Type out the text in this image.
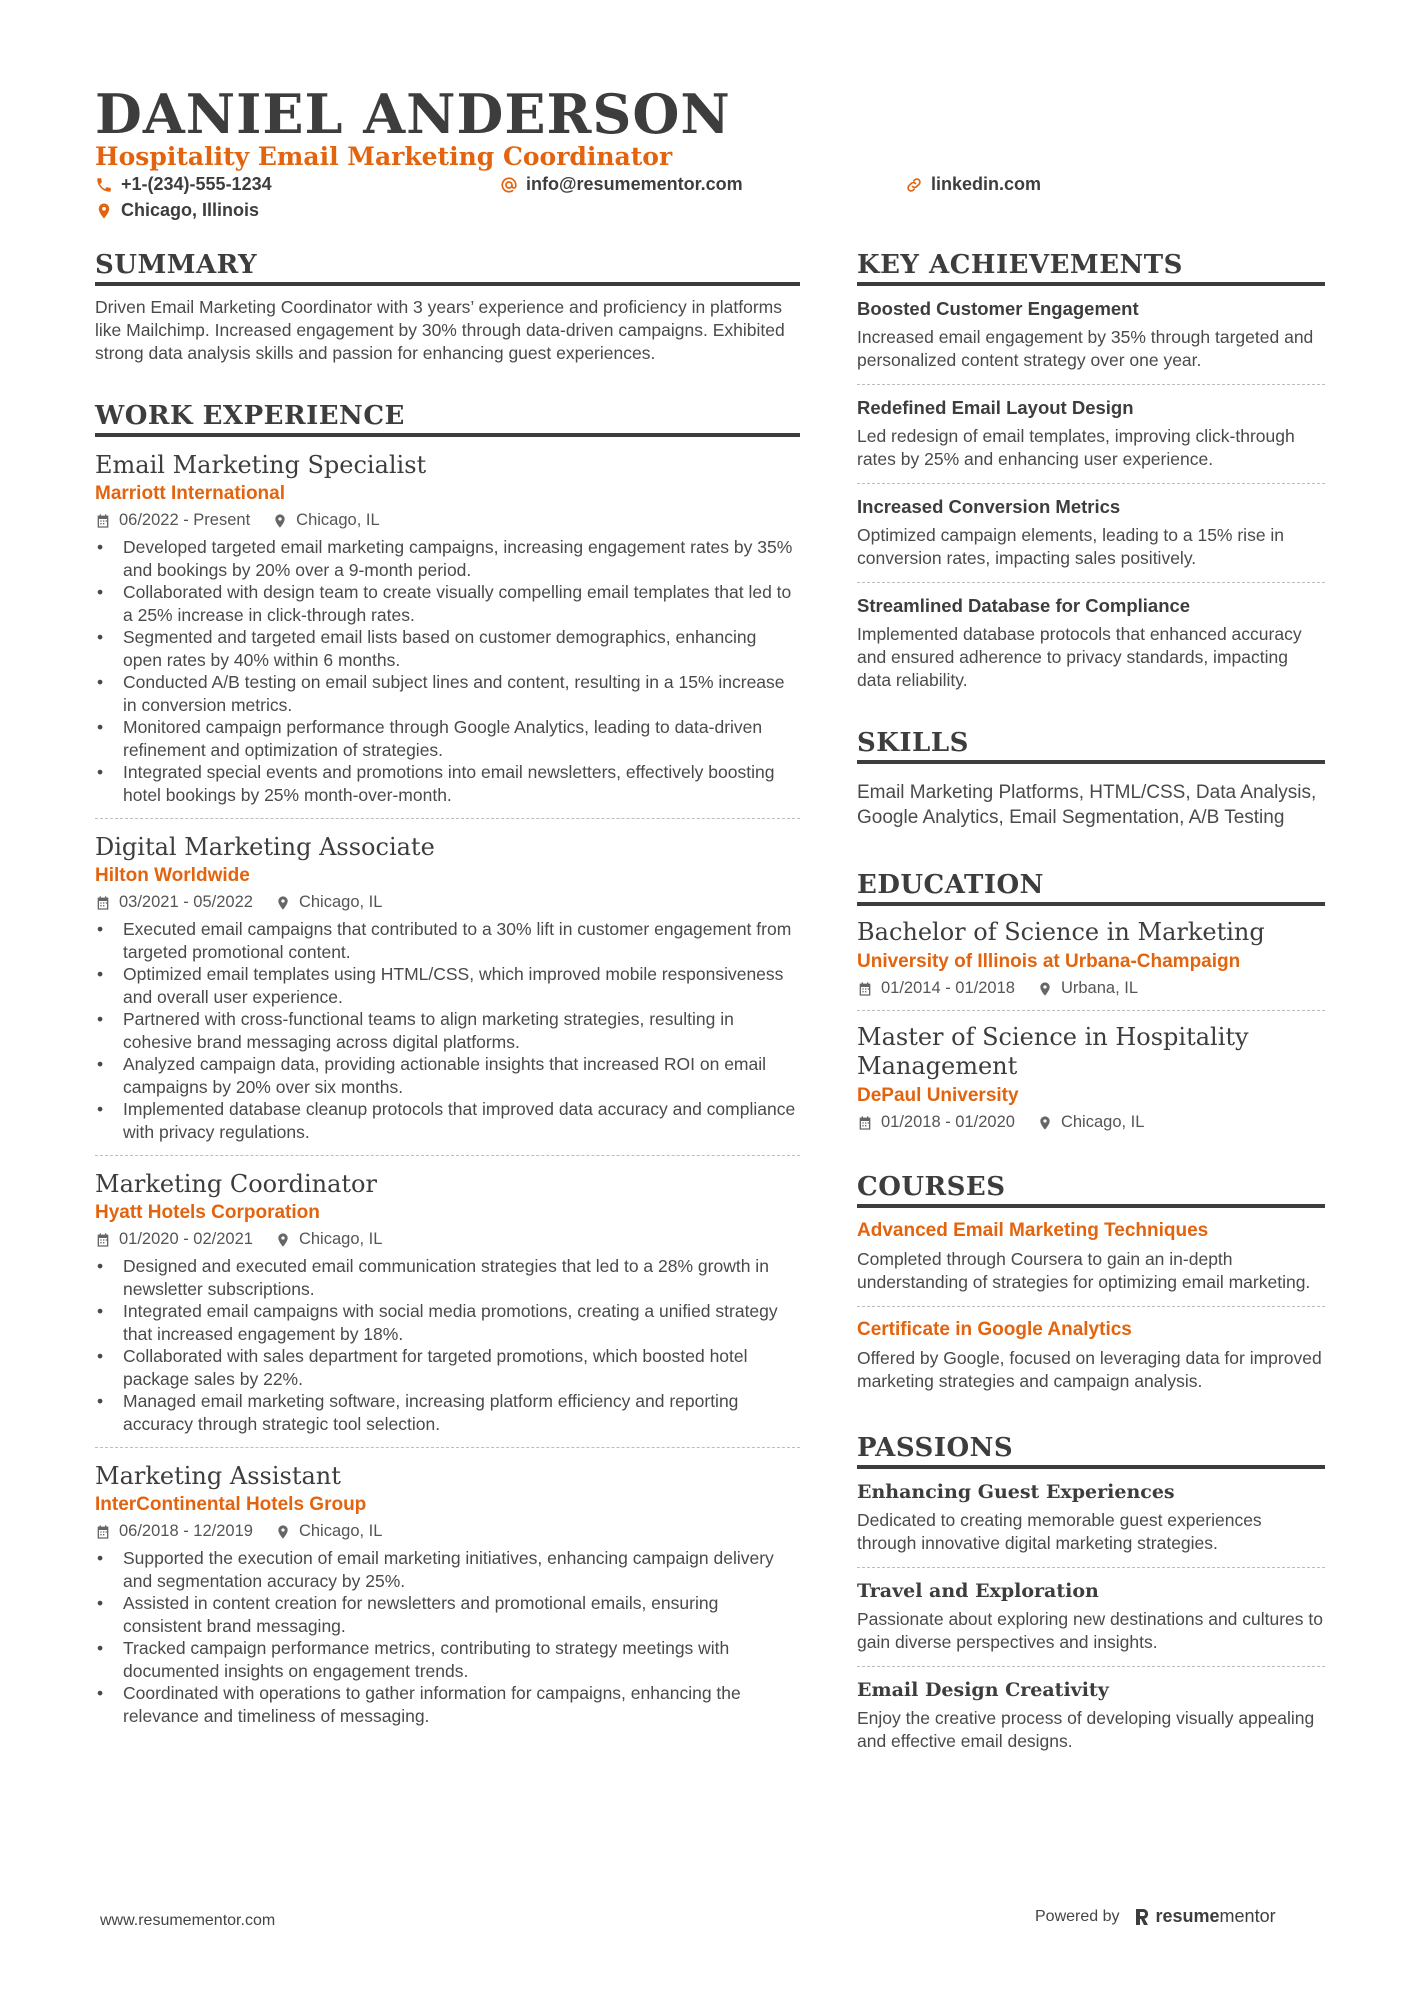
DANIEL ANDERSON
Hospitality Email Marketing Coordinator
+1-(234)-555-1234	info@resumementor.com	linkedin.com
Chicago, Illinois
SUMMARY

Driven Email Marketing Coordinator with 3 years’ experience and proficiency in platforms like Mailchimp. Increased engagement by 30% through data-driven campaigns. Exhibited strong data analysis skills and passion for enhancing guest experiences.

WORK EXPERIENCE
Email Marketing Specialist
Marriott International
06/2022 - Present	Chicago, IL
• Developed targeted email marketing campaigns, increasing engagement rates by 35% and bookings by 20% over a 9-month period.
• Collaborated with design team to create visually compelling email templates that led to a 25% increase in click-through rates.
• Segmented and targeted email lists based on customer demographics, enhancing open rates by 40% within 6 months.
• Conducted A/B testing on email subject lines and content, resulting in a 15% increase in conversion metrics.
• Monitored campaign performance through Google Analytics, leading to data-driven refinement and optimization of strategies.
• Integrated special events and promotions into email newsletters, effectively boosting hotel bookings by 25% month-over-month.
Digital Marketing Associate
Hilton Worldwide
03/2021 - 05/2022	Chicago, IL
• Executed email campaigns that contributed to a 30% lift in customer engagement from targeted promotional content.
• Optimized email templates using HTML/CSS, which improved mobile responsiveness and overall user experience.
• Partnered with cross-functional teams to align marketing strategies, resulting in cohesive brand messaging across digital platforms.
• Analyzed campaign data, providing actionable insights that increased ROI on email campaigns by 20% over six months.
• Implemented database cleanup protocols that improved data accuracy and compliance with privacy regulations.
Marketing Coordinator
Hyatt Hotels Corporation
01/2020 - 02/2021	Chicago, IL
• Designed and executed email communication strategies that led to a 28% growth in newsletter subscriptions.
• Integrated email campaigns with social media promotions, creating a unified strategy that increased engagement by 18%.
• Collaborated with sales department for targeted promotions, which boosted hotel package sales by 22%.
• Managed email marketing software, increasing platform efficiency and reporting accuracy through strategic tool selection.
Marketing Assistant
InterContinental Hotels Group
06/2018 - 12/2019	Chicago, IL
• Supported the execution of email marketing initiatives, enhancing campaign delivery and segmentation accuracy by 25%.
• Assisted in content creation for newsletters and promotional emails, ensuring consistent brand messaging.
• Tracked campaign performance metrics, contributing to strategy meetings with documented insights on engagement trends.
• Coordinated with operations to gather information for campaigns, enhancing the relevance and timeliness of messaging.
KEY ACHIEVEMENTS
Boosted Customer Engagement

Increased email engagement by 35% through targeted and personalized content strategy over one year.

Redefined Email Layout Design

Led redesign of email templates, improving click-through rates by 25% and enhancing user experience.

Increased Conversion Metrics

Optimized campaign elements, leading to a 15% rise in conversion rates, impacting sales positively.

Streamlined Database for Compliance

Implemented database protocols that enhanced accuracy and ensured adherence to privacy standards, impacting data reliability.

SKILLS

Email Marketing Platforms, HTML/CSS, Data Analysis, Google Analytics, Email Segmentation, A/B Testing

EDUCATION
Bachelor of Science in Marketing
University of Illinois at Urbana-Champaign
01/2014 - 01/2018	Urbana, IL
Master of Science in Hospitality Management
DePaul University
01/2018 - 01/2020	Chicago, IL
COURSES
Advanced Email Marketing Techniques

Completed through Coursera to gain an in-depth understanding of strategies for optimizing email marketing.

Certificate in Google Analytics

Offered by Google, focused on leveraging data for improved marketing strategies and campaign analysis.

PASSIONS
Enhancing Guest Experiences

Dedicated to creating memorable guest experiences through innovative digital marketing strategies.

Travel and Exploration

Passionate about exploring new destinations and cultures to gain diverse perspectives and insights.

Email Design Creativity

Enjoy the creative process of developing visually appealing and effective email designs.

www.resumementor.com	Powered by resume mentor
